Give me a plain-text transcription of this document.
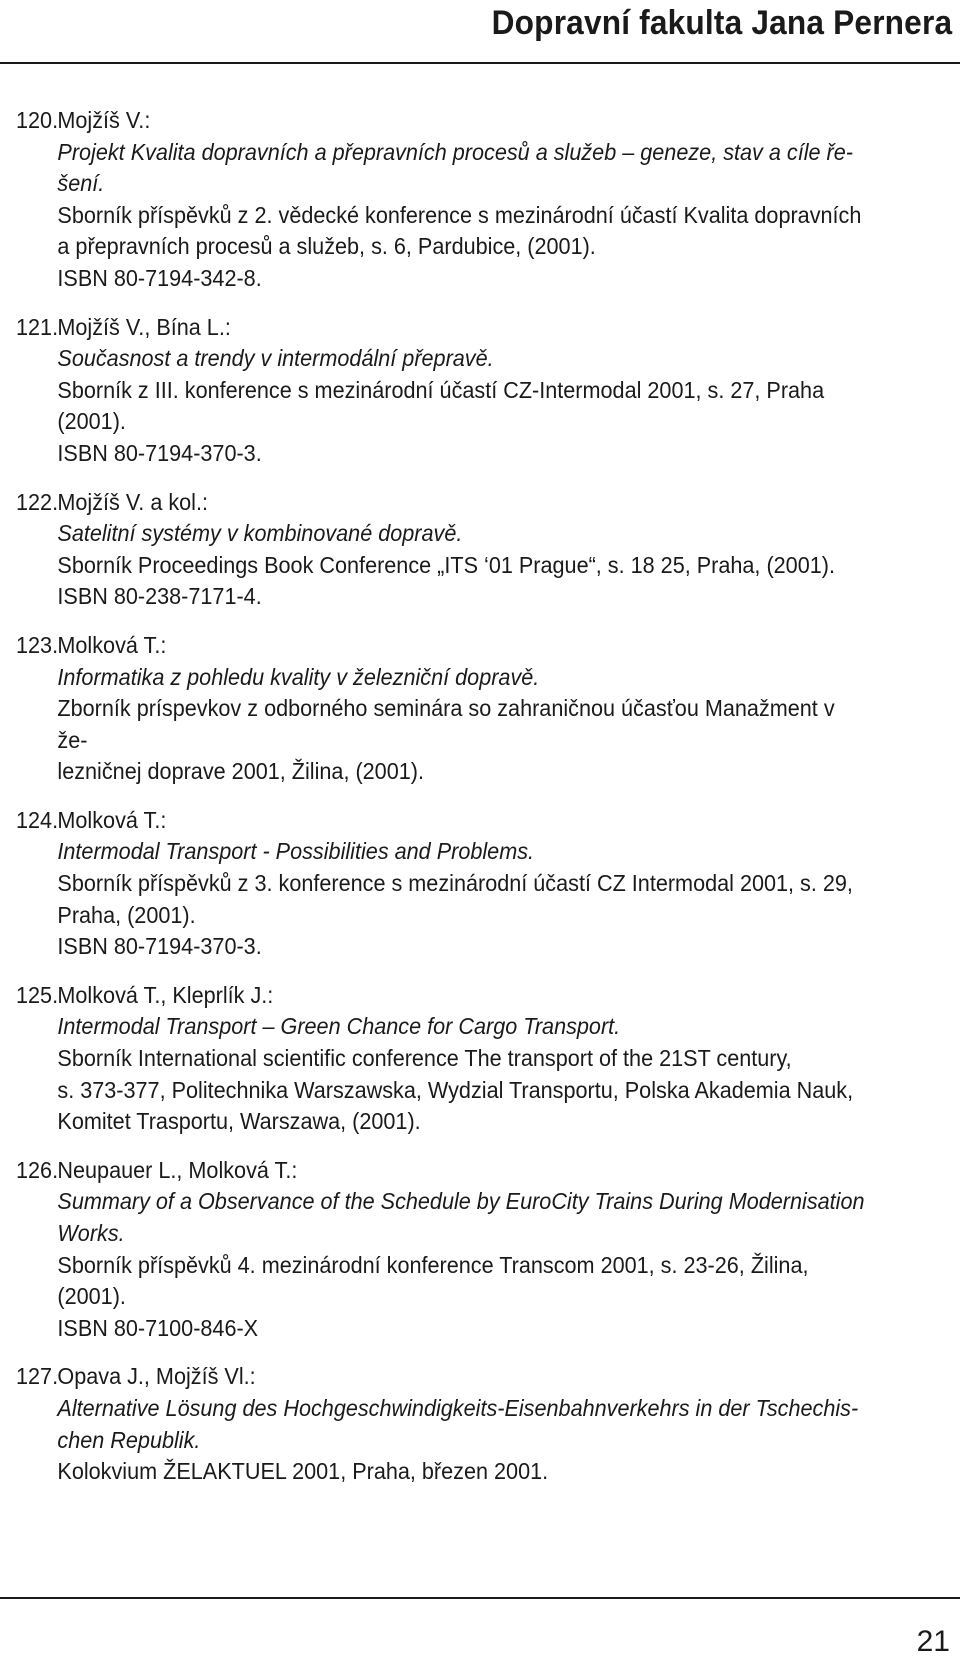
Dopravní fakulta Jana Pernera
120. Mojžíš V.:
Projekt Kvalita dopravních a přepravních procesů a služeb – geneze, stav a cíle ře-
šení.
Sborník příspěvků z 2. vědecké konference s mezinárodní účastí Kvalita dopravních
a přepravních procesů a služeb, s. 6, Pardubice, (2001).
ISBN 80-7194-342-8.
121. Mojžíš V., Bína L.:
Současnost a trendy v intermodální přepravě.
Sborník z III. konference s mezinárodní účastí CZ-Intermodal 2001, s. 27, Praha
(2001).
ISBN 80-7194-370-3.
122. Mojžíš V. a kol.:
Satelitní systémy v kombinované dopravě.
Sborník Proceedings Book Conference „ITS ‘01 Prague“, s. 18 25, Praha, (2001).
ISBN 80-238-7171-4.
123. Molková T.:
Informatika z pohledu kvality v železniční dopravě.
Zborník príspevkov z odborného seminára so zahraničnou účasťou Manažment v že-
lezničnej doprave 2001, Žilina, (2001).
124. Molková T.:
Intermodal Transport - Possibilities and Problems.
Sborník příspěvků z 3. konference s mezinárodní účastí CZ Intermodal 2001, s. 29,
Praha, (2001).
ISBN 80-7194-370-3.
125. Molková T., Kleprlík J.:
Intermodal Transport – Green Chance for Cargo Transport.
Sborník International scientific conference The transport of the 21ST century,
s. 373-377, Politechnika Warszawska, Wydzial Transportu, Polska Akademia Nauk,
Komitet Trasportu, Warszawa, (2001).
126. Neupauer L., Molková T.:
Summary of a Observance of the Schedule by EuroCity Trains During Modernisation
Works.
Sborník příspěvků 4. mezinárodní konference Transcom 2001, s. 23-26, Žilina, (2001).
ISBN 80-7100-846-X
127. Opava J., Mojžíš Vl.:
Alternative Lösung des Hochgeschwindigkeits-Eisenbahnverkehrs in der Tschechis-
chen Republik.
Kolokvium ŽELAKTUEL 2001, Praha, březen 2001.
21
